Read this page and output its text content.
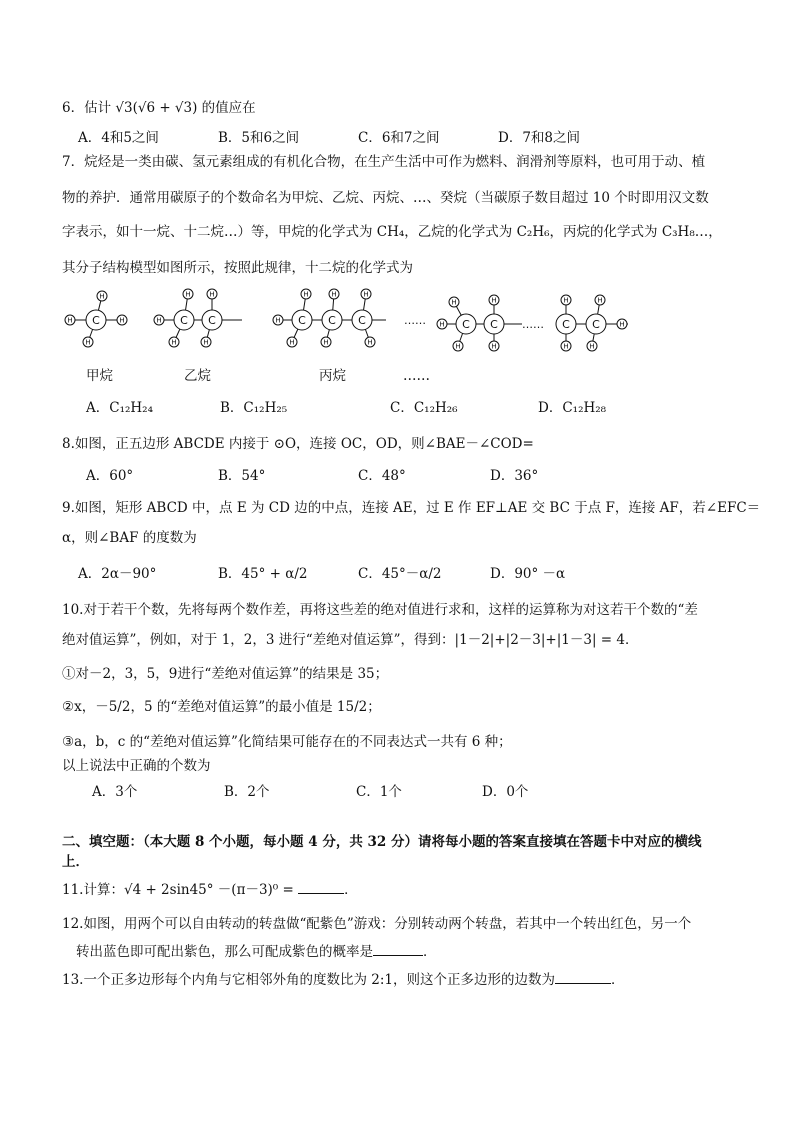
6．估计 √3(√6 + √3) 的值应在
A．4和5之间	B．5和6之间	C．6和7之间	D．7和8之间
7．烷烃是一类由碳、氢元素组成的有机化合物，在生产生活中可作为燃料、润滑剂等原料，也可用于动、植
物的养护．通常用碳原子的个数命名为甲烷、乙烷、丙烷、…、癸烷（当碳原子数目超过 10 个时即用汉文数
字表示，如十一烷、十二烷…）等，甲烷的化学式为 CH₄，乙烷的化学式为 C₂H₆，丙烷的化学式为 C₃H₈…，
其分子结构模型如图所示，按照此规律，十二烷的化学式为
C	C C	C C C	C C	C C
H	H
H
H
H
H
H
H
H
H
H
H
H
H
H
H
H
H
H
H
H
H
H
H
H
H
……	……
甲烷	乙烷	丙烷	……
A．C₁₂H₂₄	B．C₁₂H₂₅	C．C₁₂H₂₆	D．C₁₂H₂₈
8.如图，正五边形 ABCDE 内接于 ⊙O，连接 OC，OD，则∠BAE－∠COD=
A．60°	B．54°	C．48°	D．36°
9.如图，矩形 ABCD 中，点 E 为 CD 边的中点，连接 AE，过 E 作 EF⊥AE 交 BC 于点 F，连接 AF，若∠EFC＝
α，则∠BAF 的度数为
A．2α－90°	B．45° + α/2	C．45°－α/2	D．90° －α
10.对于若干个数，先将每两个数作差，再将这些差的绝对值进行求和，这样的运算称为对这若干个数的“差
绝对值运算”，例如，对于 1，2，3 进行“差绝对值运算”，得到：|1－2|+|2－3|+|1－3| = 4．
①对－2，3，5，9进行“差绝对值运算”的结果是 35；
②x，－5/2，5 的“差绝对值运算”的最小值是 15/2；
③a，b，c 的“差绝对值运算”化简结果可能存在的不同表达式一共有 6 种；
以上说法中正确的个数为
A．3个	B．2个	C．1个	D．0个
二、填空题：（本大题 8 个小题，每小题 4 分，共 32 分）请将每小题的答案直接填在答题卡中对应的横线
上．
11.计算：√4 + 2sin45° －(π－3)⁰ =	．
12.如图，用两个可以自由转动的转盘做“配紫色”游戏：分别转动两个转盘，若其中一个转出红色，另一个
转出蓝色即可配出紫色，那么可配成紫色的概率是	．
13.一个正多边形每个内角与它相邻外角的度数比为 2:1，则这个正多边形的边数为	．
